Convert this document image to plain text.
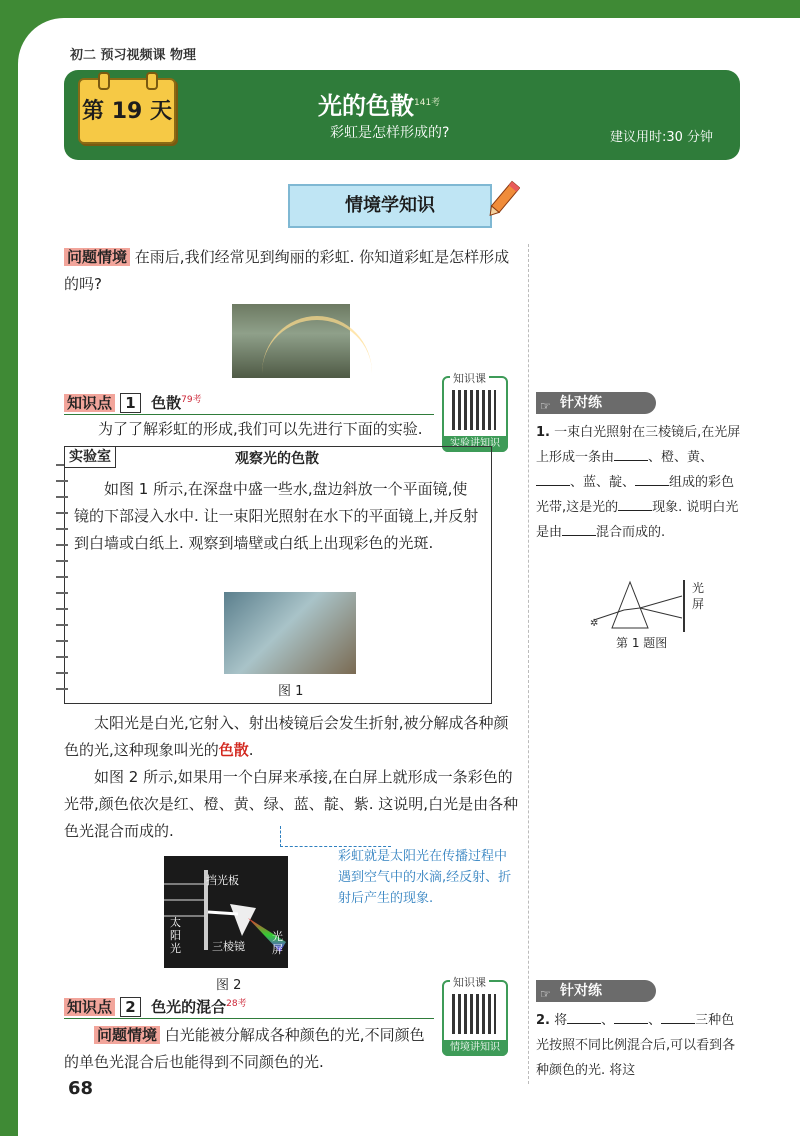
初二 预习视频课 物理
第 19 天	光的色散$^{141考}$
彩虹是怎样形成的?	建议用时:30 分钟
情境学知识
问题情境 在雨后,我们经常见到绚丽的彩虹. 你知道彩虹是怎样形成的吗?
知识点 1 色散$^{79考}$
知识课
实验讲知识
为了了解彩虹的形成,我们可以先进行下面的实验.
实验室	观察光的色散
如图 1 所示,在深盘中盛一些水,盘边斜放一个平面镜,使镜的下部浸入水中. 让一束阳光照射在水下的平面镜上,并反射到白墙或白纸上. 观察到墙壁或白纸上出现彩色的光斑.
图 1
太阳光是白光,它射入、射出棱镜后会发生折射,被分解成各种颜色的光,这种现象叫光的色散.
如图 2 所示,如果用一个白屏来承接,在白屏上就形成一条彩色的光带,颜色依次是红、橙、黄、绿、蓝、靛、紫. 这说明,白光是由各种色光混合而成的.
彩虹就是太阳光在传播过程中遇到空气中的水滴,经反射、折射后产生的现象.
挡光板
太阳光	三棱镜
光屏
图 2
知识点 2 色光的混合$^{28考}$
知识课
情境讲知识
问题情境 白光能被分解成各种颜色的光,不同颜色的单色光混合后也能得到不同颜色的光.
☞ 针对练
1. 一束白光照射在三棱镜后,在光屏上形成一条由	、橙、黄、、蓝、靛、	组成的彩色光带,这是光的	现象. 说明白光是由	混合而成的.
✲
光屏
第 1 题图
☞ 针对练
2. 将	、	、	三种色光按照不同比例混合后,可以看到各种颜色的光. 将这
68
